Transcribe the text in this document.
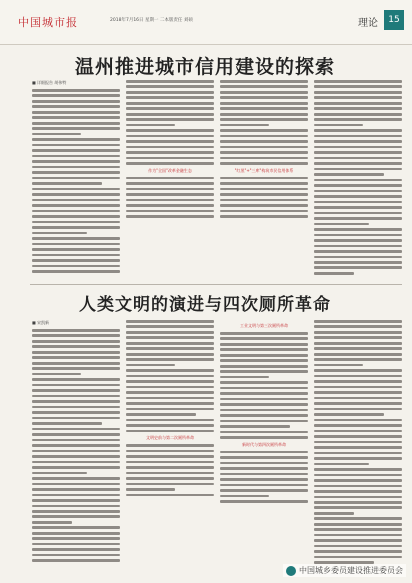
中国城市报	2018年7月16日 星期一 二本版责任 刘硕	理论	15
温州推进城市信用建设的探索
■ 详细报告 胡伟特
作为"全国"改革金融生态	"红黑"+"三库"构筑市民信用体系
人类文明的演进与四次厕所革命
■ 宋凯新
文明史前与第二次厕所革命
工业文明与第三次厕所革命
新时代与第四次厕所革命
中国城乡委员建设推进委员会
